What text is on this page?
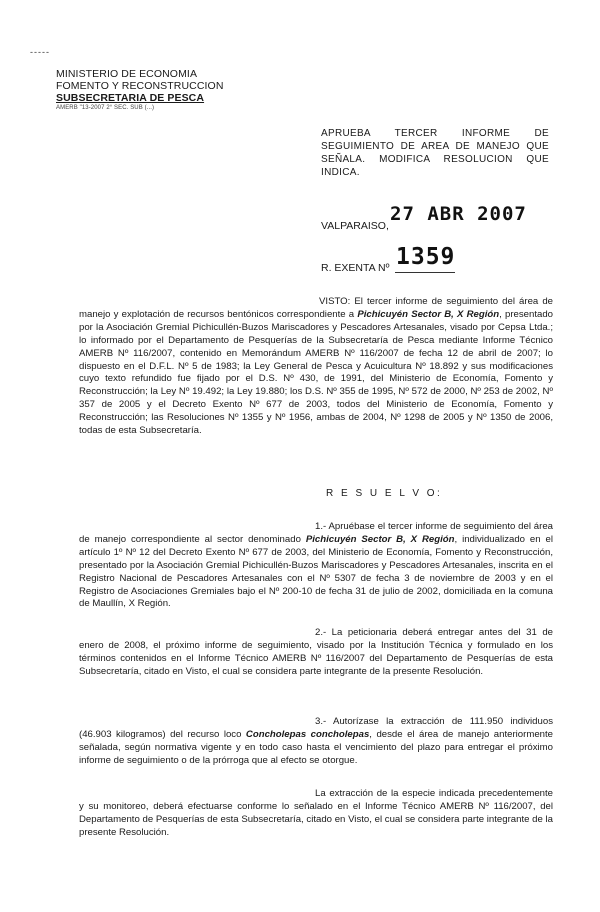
-----
MINISTERIO DE ECONOMIA
FOMENTO Y RECONSTRUCCION
SUBSECRETARIA DE PESCA
AMERB "13-2007 2° SEC. SUB (...)
APRUEBA TERCER INFORME DE SEGUIMIENTO DE AREA DE MANEJO QUE SEÑALA. MODIFICA RESOLUCION QUE INDICA.
27 ABR 2007
VALPARAISO,
1359
R. EXENTA Nº
VISTO: El tercer informe de seguimiento del área de manejo y explotación de recursos bentónicos correspondiente a Pichicuyén Sector B, X Región, presentado por la Asociación Gremial Pichicullén-Buzos Mariscadores y Pescadores Artesanales, visado por Cepsa Ltda.; lo informado por el Departamento de Pesquerías de la Subsecretaría de Pesca mediante Informe Técnico AMERB Nº 116/2007, contenido en Memorándum AMERB Nº 116/2007 de fecha 12 de abril de 2007; lo dispuesto en el D.F.L. Nº 5 de 1983; la Ley General de Pesca y Acuicultura Nº 18.892 y sus modificaciones cuyo texto refundido fue fijado por el D.S. Nº 430, de 1991, del Ministerio de Economía, Fomento y Reconstrucción; la Ley Nº 19.492; la Ley 19.880; los D.S. Nº 355 de 1995, Nº 572 de 2000, Nº 253 de 2002, Nº 357 de 2005 y el Decreto Exento Nº 677 de 2003, todos del Ministerio de Economía, Fomento y Reconstrucción; las Resoluciones Nº 1355 y Nº 1956, ambas de 2004, Nº 1298 de 2005 y Nº 1350 de 2006, todas de esta Subsecretaría.
R E S U E L V O:
1.- Apruébase el tercer informe de seguimiento del área de manejo correspondiente al sector denominado Pichicuyén Sector B, X Región, individualizado en el artículo 1º Nº 12 del Decreto Exento Nº 677 de 2003, del Ministerio de Economía, Fomento y Reconstrucción, presentado por la Asociación Gremial Pichicullén-Buzos Mariscadores y Pescadores Artesanales, inscrita en el Registro Nacional de Pescadores Artesanales con el Nº 5307 de fecha 3 de noviembre de 2003 y en el Registro de Asociaciones Gremiales bajo el Nº 200-10 de fecha 31 de julio de 2002, domiciliada en la comuna de Maullín, X Región.
2.- La peticionaria deberá entregar antes del 31 de enero de 2008, el próximo informe de seguimiento, visado por la Institución Técnica y formulado en los términos contenidos en el Informe Técnico AMERB Nº 116/2007 del Departamento de Pesquerías de esta Subsecretaría, citado en Visto, el cual se considera parte integrante de la presente Resolución.
3.- Autorízase la extracción de 111.950 individuos (46.903 kilogramos) del recurso loco Concholepas concholepas, desde el área de manejo anteriormente señalada, según normativa vigente y en todo caso hasta el vencimiento del plazo para entregar el próximo informe de seguimiento o de la prórroga que al efecto se otorgue.
La extracción de la especie indicada precedentemente y su monitoreo, deberá efectuarse conforme lo señalado en el Informe Técnico AMERB Nº 116/2007, del Departamento de Pesquerías de esta Subsecretaría, citado en Visto, el cual se considera parte integrante de la presente Resolución.
